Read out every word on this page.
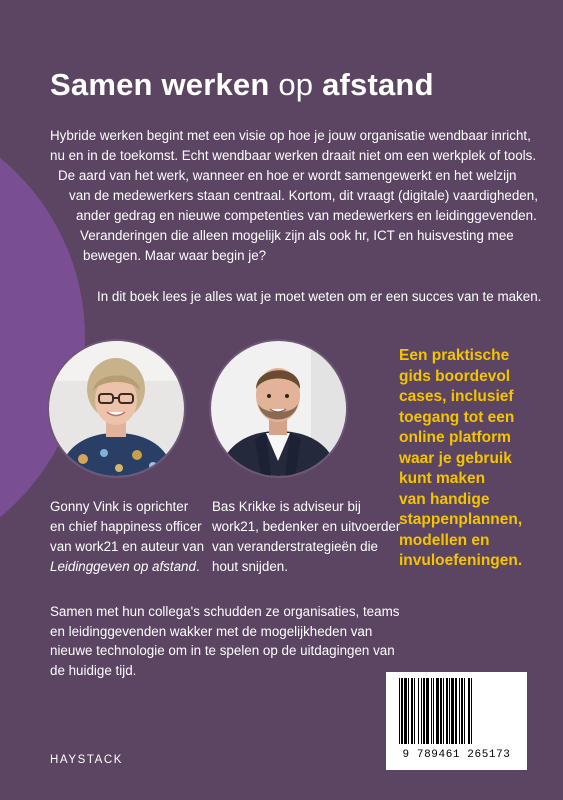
Samen werken op afstand
Hybride werken begint met een visie op hoe je jouw organisatie wendbaar inricht,
nu en in de toekomst. Echt wendbaar werken draait niet om een werkplek of tools.
De aard van het werk, wanneer en hoe er wordt samengewerkt en het welzijn
van de medewerkers staan centraal. Kortom, dit vraagt (digitale) vaardigheden,
ander gedrag en nieuwe competenties van medewerkers en leidinggevenden.
Veranderingen die alleen mogelijk zijn als ook hr, ICT en huisvesting mee
bewegen. Maar waar begin je?
In dit boek lees je alles wat je moet weten om er een succes van te maken.
Gonny Vink is oprichter
en chief happiness officer
van work21 en auteur van
Leidinggeven op afstand.
Bas Krikke is adviseur bij
work21, bedenker en uitvoerder
van veranderstrategieën die
hout snijden.
Een praktische
gids boordevol
cases, inclusief
toegang tot een
online platform
waar je gebruik
kunt maken
van handige
stappenplannen,
modellen en
invuloefeningen.
Samen met hun collega's schudden ze organisaties, teams
en leidinggevenden wakker met de mogelijkheden van
nieuwe technologie om in te spelen op de uitdagingen van
de huidige tijd.
HAYSTACK	9 789461 265173
